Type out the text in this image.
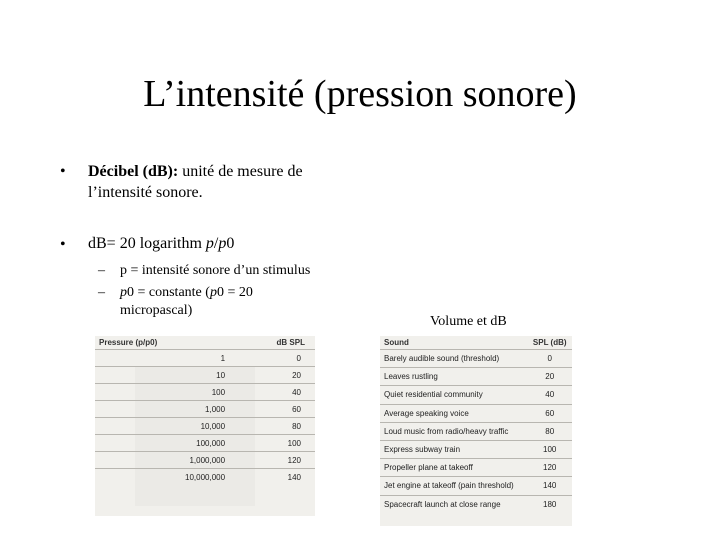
L’intensité (pression sonore)
• Décibel (dB): unité de mesure de
l’intensité sonore.
• dB= 20 logarithm p/p0
– p = intensité sonore d’un stimulus
– p0 = constante (p0 = 20
micropascal)
Volume et dB
Pressure (p/p0)	dB SPL
1	0
10	20
100	40
1,000	60
10,000	80
100,000	100
1,000,000	120
10,000,000	140
Sound	SPL (dB)
Barely audible sound (threshold)	0
Leaves rustling	20
Quiet residential community	40
Average speaking voice	60
Loud music from radio/heavy traffic	80
Express subway train	100
Propeller plane at takeoff	120
Jet engine at takeoff (pain threshold)	140
Spacecraft launch at close range	180
